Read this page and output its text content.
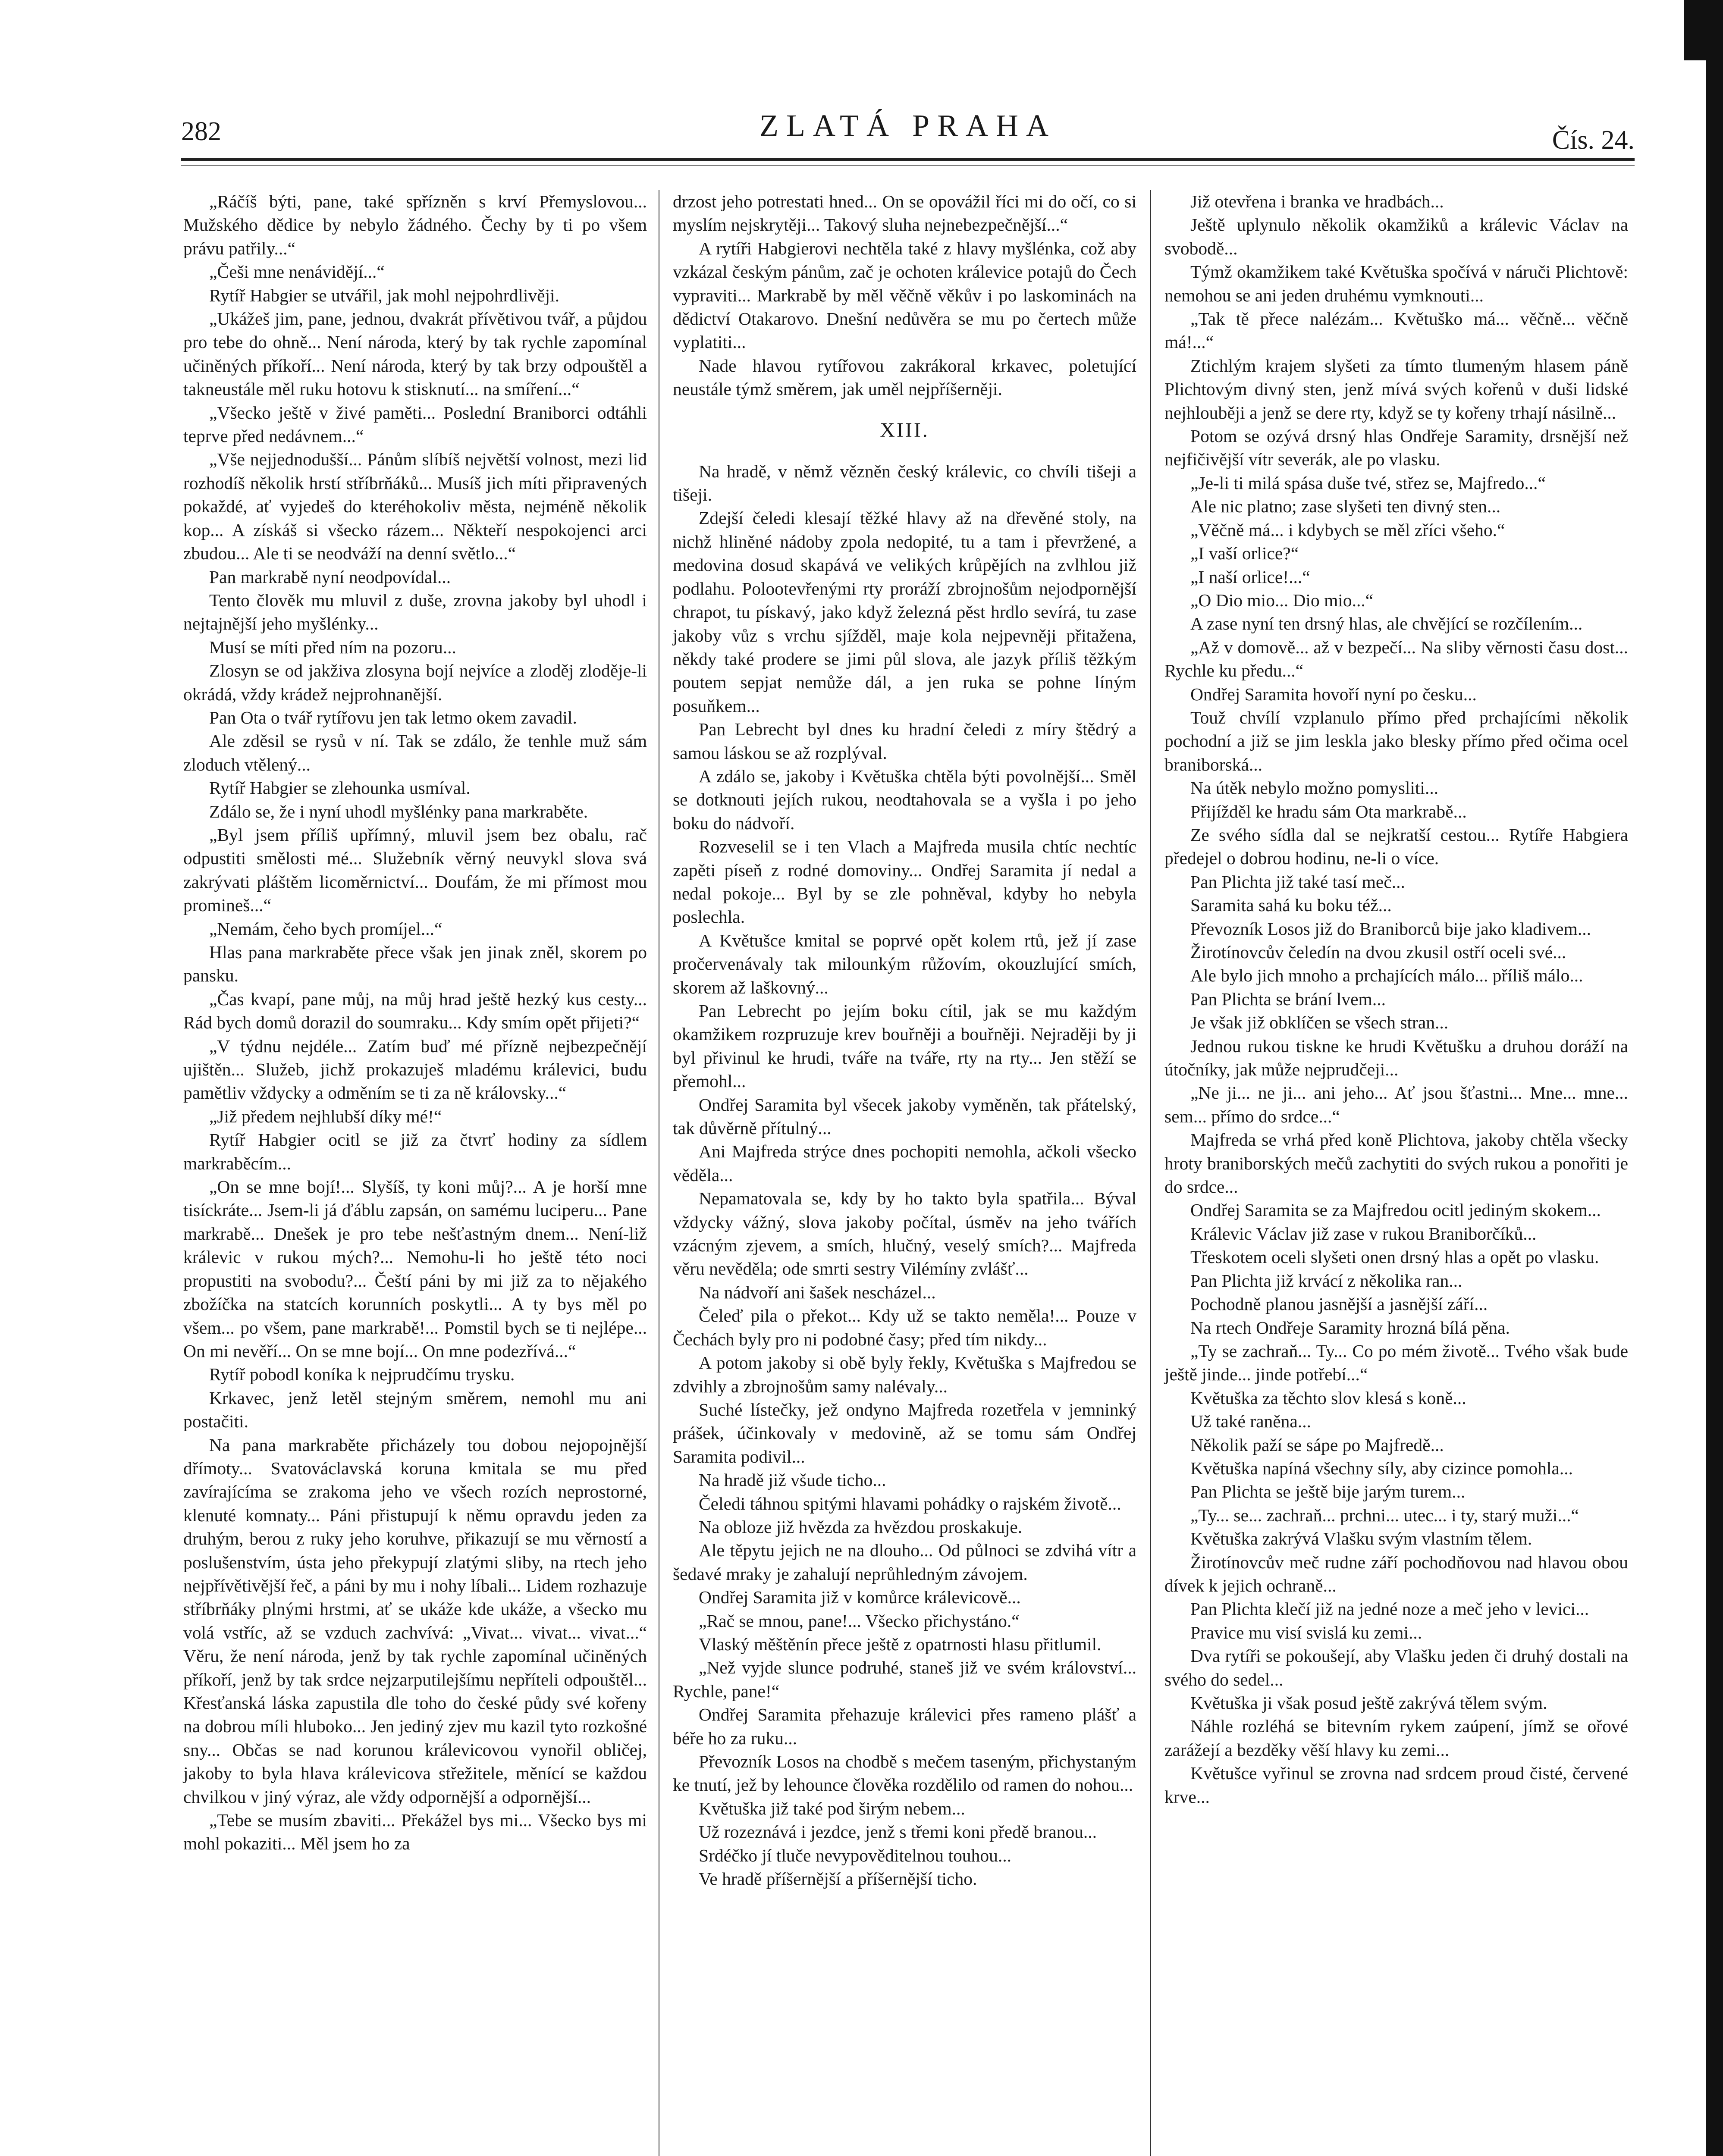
282	ZLATÁ PRAHA	Čís. 24.

„Ráčíš býti, pane, také spřízněn s krví Přemyslovou... Mužského dědice by nebylo žádného. Čechy by ti po všem právu patřily...“

„Češi mne nenávidějí...“

Rytíř Habgier se utvářil, jak mohl nejpohrdlivěji.

„Ukážeš jim, pane, jednou, dvakrát přívětivou tvář, a půjdou pro tebe do ohně... Není národa, který by tak rychle zapomínal učiněných příkoří... Není národa, který by tak brzy odpouštěl a takneustále měl ruku hotovu k stisknutí... na smíření...“

„Všecko ještě v živé paměti... Poslední Braniborci odtáhli teprve před nedávnem...“

„Vše nejjednodušší... Pánům slíbíš největší volnost, mezi lid rozhodíš několik hrstí stříbrňáků... Musíš jich míti připravených pokaždé, ať vyjedeš do kteréhokoliv města, nejméně několik kop... A získáš si všecko rázem... Někteří nespokojenci arci zbudou... Ale ti se neodváží na denní světlo...“

Pan markrabě nyní neodpovídal...

Tento člověk mu mluvil z duše, zrovna jakoby byl uhodl i nejtajnější jeho myšlénky...

Musí se míti před ním na pozoru...

Zlosyn se od jakživa zlosyna bojí nejvíce a zloděj zloděje-li okrádá, vždy krádež nejprohnanější.

Pan Ota o tvář rytířovu jen tak letmo okem zavadil.

Ale zděsil se rysů v ní. Tak se zdálo, že tenhle muž sám zloduch vtělený...

Rytíř Habgier se zlehounka usmíval.

Zdálo se, že i nyní uhodl myšlénky pana markraběte.

„Byl jsem příliš upřímný, mluvil jsem bez obalu, rač odpustiti smělosti mé... Služebník věrný neuvykl slova svá zakrývati pláštěm licoměrnictví... Doufám, že mi přímost mou promineš...“

„Nemám, čeho bych promíjel...“

Hlas pana markraběte přece však jen jinak zněl, skorem po pansku.

„Čas kvapí, pane můj, na můj hrad ještě hezký kus cesty... Rád bych domů dorazil do soumraku... Kdy smím opět přijeti?“

„V týdnu nejdéle... Zatím buď mé přízně nejbezpečnějí ujištěn... Služeb, jichž prokazuješ mladému králevici, budu pamětliv vždycky a odměním se ti za ně královsky...“

„Již předem nejhlubší díky mé!“

Rytíř Habgier ocitl se již za čtvrť hodiny za sídlem markraběcím...

„On se mne bojí!... Slyšíš, ty koni můj?... A je horší mne tisíckráte... Jsem-li já ďáblu zapsán, on samému luciperu... Pane markrabě... Dnešek je pro tebe nešťastným dnem... Není-liž králevic v rukou mých?... Nemohu-li ho ještě této noci propustiti na svobodu?... Čeští páni by mi již za to nějakého zbožíčka na statcích korunních poskytli... A ty bys měl po všem... po všem, pane markrabě!... Pomstil bych se ti nejlépe... On mi nevěří... On se mne bojí... On mne podezřívá...“

Rytíř pobodl koníka k nejprudčímu trysku.

Krkavec, jenž letěl stejným směrem, nemohl mu ani postačiti.

Na pana markraběte přicházely tou dobou nejopojnější dřímoty... Svatováclavská koruna kmitala se mu před zavírajícíma se zrakoma jeho ve všech rozích neprostorné, klenuté komnaty... Páni přistupují k němu opravdu jeden za druhým, berou z ruky jeho koruhve, přikazují se mu věrností a poslušenstvím, ústa jeho překypují zlatými sliby, na rtech jeho nejpřívětivější řeč, a páni by mu i nohy líbali... Lidem rozhazuje stříbrňáky plnými hrstmi, ať se ukáže kde ukáže, a všecko mu volá vstříc, až se vzduch zachvívá: „Vivat... vivat... vivat...“ Věru, že není národa, jenž by tak rychle zapomínal učiněných příkoří, jenž by tak srdce nejzarputilejšímu nepříteli odpouštěl... Křesťanská láska zapustila dle toho do české půdy své kořeny na dobrou míli hluboko... Jen jediný zjev mu kazil tyto rozkošné sny... Občas se nad korunou králevicovou vynořil obličej, jakoby to byla hlava králevicova střežitele, měnící se každou chvilkou v jiný výraz, ale vždy odpornější a odpornější...

„Tebe se musím zbaviti... Překážel bys mi... Všecko bys mi mohl pokaziti... Měl jsem ho za

drzost jeho potrestati hned... On se opovážil říci mi do očí, co si myslím nejskrytěji... Takový sluha nejnebezpečnější...“

A rytíři Habgierovi nechtěla také z hlavy myšlénka, což aby vzkázal českým pánům, zač je ochoten králevice potajů do Čech vypraviti... Markrabě by měl věčně věkův i po laskominách na dědictví Otakarovo. Dnešní nedůvěra se mu po čertech může vyplatiti...

Nade hlavou rytířovou zakrákoral krkavec, poletující neustále týmž směrem, jak uměl nejpříšerněji.

XIII.

Na hradě, v němž vězněn český králevic, co chvíli tišeji a tišeji.

Zdejší čeledi klesají těžké hlavy až na dřevěné stoly, na nichž hliněné nádoby zpola nedopité, tu a tam i převržené, a medovina dosud skapává ve velikých krůpějích na zvlhlou již podlahu. Polootevřenými rty proráží zbrojnošům nejodpornější chrapot, tu pískavý, jako když železná pěst hrdlo sevírá, tu zase jakoby vůz s vrchu sjížděl, maje kola nejpevněji přitažena, někdy také prodere se jimi půl slova, ale jazyk příliš těžkým poutem sepjat nemůže dál, a jen ruka se pohne líným posuňkem...

Pan Lebrecht byl dnes ku hradní čeledi z míry štědrý a samou láskou se až rozplýval.

A zdálo se, jakoby i Květuška chtěla býti povolnější... Směl se dotknouti jejích rukou, neodtahovala se a vyšla i po jeho boku do nádvoří.

Rozveselil se i ten Vlach a Majfreda musila chtíc nechtíc zapěti píseň z rodné domoviny... Ondřej Saramita jí nedal a nedal pokoje... Byl by se zle pohněval, kdyby ho nebyla poslechla.

A Květušce kmital se poprvé opět kolem rtů, jež jí zase pročervenávaly tak milounkým růžovím, okouzlující smích, skorem až laškovný...

Pan Lebrecht po jejím boku cítil, jak se mu každým okamžikem rozpruzuje krev bouřněji a bouřněji. Nejraději by ji byl přivinul ke hrudi, tváře na tváře, rty na rty... Jen stěží se přemohl...

Ondřej Saramita byl všecek jakoby vyměněn, tak přátelský, tak důvěrně přítulný...

Ani Majfreda strýce dnes pochopiti nemohla, ačkoli všecko věděla...

Nepamatovala se, kdy by ho takto byla spatřila... Býval vždycky vážný, slova jakoby počítal, úsměv na jeho tvářích vzácným zjevem, a smích, hlučný, veselý smích?... Majfreda věru nevěděla; ode smrti sestry Vilémíny zvlášť...

Na nádvoří ani šašek nescházel...

Čeleď pila o překot... Kdy už se takto neměla!... Pouze v Čechách byly pro ni podobné časy; před tím nikdy...

A potom jakoby si obě byly řekly, Květuška s Majfredou se zdvihly a zbrojnošům samy nalévaly...

Suché lístečky, jež ondyno Majfreda rozetřela v jemninký prášek, účinkovaly v medovině, až se tomu sám Ondřej Saramita podivil...

Na hradě již všude ticho...

Čeledi táhnou spitými hlavami pohádky o rajském životě...

Na obloze již hvězda za hvězdou proskakuje.

Ale těpytu jejich ne na dlouho... Od půlnoci se zdvihá vítr a šedavé mraky je zahalují neprůhledným závojem.

Ondřej Saramita již v komůrce králevicově...

„Rač se mnou, pane!... Všecko přichystáno.“

Vlaský měštěnín přece ještě z opatrnosti hlasu přitlumil.

„Než vyjde slunce podruhé, staneš již ve svém království... Rychle, pane!“

Ondřej Saramita přehazuje králevici přes rameno plášť a béře ho za ruku...

Převozník Losos na chodbě s mečem taseným, přichystaným ke tnutí, jež by lehounce člověka rozdělilo od ramen do nohou...

Květuška již také pod širým nebem...

Už rozeznává i jezdce, jenž s třemi koni předě branou...

Srdéčko jí tluče nevypověditelnou touhou...

Ve hradě příšernější a příšernější ticho.

Již otevřena i branka ve hradbách...

Ještě uplynulo několik okamžiků a králevic Václav na svobodě...

Týmž okamžikem také Květuška spočívá v náruči Plichtově: nemohou se ani jeden druhému vymknouti...

„Tak tě přece nalézám... Květuško má... věčně... věčně má!...“

Ztichlým krajem slyšeti za tímto tlumeným hlasem páně Plichtovým divný sten, jenž mívá svých kořenů v duši lidské nejhlouběji a jenž se dere rty, když se ty kořeny trhají násilně...

Potom se ozývá drsný hlas Ondřeje Saramity, drsnější než nejfičivější vítr severák, ale po vlasku.

„Je-li ti milá spása duše tvé, střez se, Majfredo...“

Ale nic platno; zase slyšeti ten divný sten...

„Věčně má... i kdybych se měl zříci všeho.“

„I vaší orlice?“

„I naší orlice!...“

„O Dio mio... Dio mio...“

A zase nyní ten drsný hlas, ale chvějící se rozčílením...

„Až v domově... až v bezpečí... Na sliby věrnosti času dost... Rychle ku předu...“

Ondřej Saramita hovoří nyní po česku...

Touž chvílí vzplanulo přímo před prchajícími několik pochodní a již se jim leskla jako blesky přímo před očima ocel braniborská...

Na útěk nebylo možno pomysliti...

Přijížděl ke hradu sám Ota markrabě...

Ze svého sídla dal se nejkratší cestou... Rytíře Habgiera předejel o dobrou hodinu, ne-li o více.

Pan Plichta již také tasí meč...

Saramita sahá ku boku též...

Převozník Losos již do Braniborců bije jako kladivem...

Žirotínovcův čeledín na dvou zkusil ostří oceli své...

Ale bylo jich mnoho a prchajících málo... příliš málo...

Pan Plichta se brání lvem...

Je však již obklíčen se všech stran...

Jednou rukou tiskne ke hrudi Květušku a druhou doráží na útočníky, jak může nejprudčeji...

„Ne ji... ne ji... ani jeho... Ať jsou šťastni... Mne... mne... sem... přímo do srdce...“

Majfreda se vrhá před koně Plichtova, jakoby chtěla všecky hroty braniborských mečů zachytiti do svých rukou a ponořiti je do srdce...

Ondřej Saramita se za Majfredou ocitl jediným skokem...

Králevic Václav již zase v rukou Braniborčíků...

Třeskotem oceli slyšeti onen drsný hlas a opět po vlasku.

Pan Plichta již krvácí z několika ran...

Pochodně planou jasnější a jasnější září...

Na rtech Ondřeje Saramity hrozná bílá pěna.

„Ty se zachraň... Ty... Co po mém životě... Tvého však bude ještě jinde... jinde potřebí...“

Květuška za těchto slov klesá s koně...

Už také raněna...

Několik paží se sápe po Majfredě...

Květuška napíná všechny síly, aby cizince pomohla...

Pan Plichta se ještě bije jarým turem...

„Ty... se... zachraň... prchni... utec... i ty, starý muži...“

Květuška zakrývá Vlašku svým vlastním tělem.

Žirotínovcův meč rudne září pochodňovou nad hlavou obou dívek k jejich ochraně...

Pan Plichta klečí již na jedné noze a meč jeho v levici...

Pravice mu visí svislá ku zemi...

Dva rytíři se pokoušejí, aby Vlašku jeden či druhý dostali na svého do sedel...

Květuška ji však posud ještě zakrývá tělem svým.

Náhle rozléhá se bitevním rykem zaúpení, jímž se ořové zarážejí a bezděky věší hlavy ku zemi...

Květušce vyřinul se zrovna nad srdcem proud čisté, červené krve...
